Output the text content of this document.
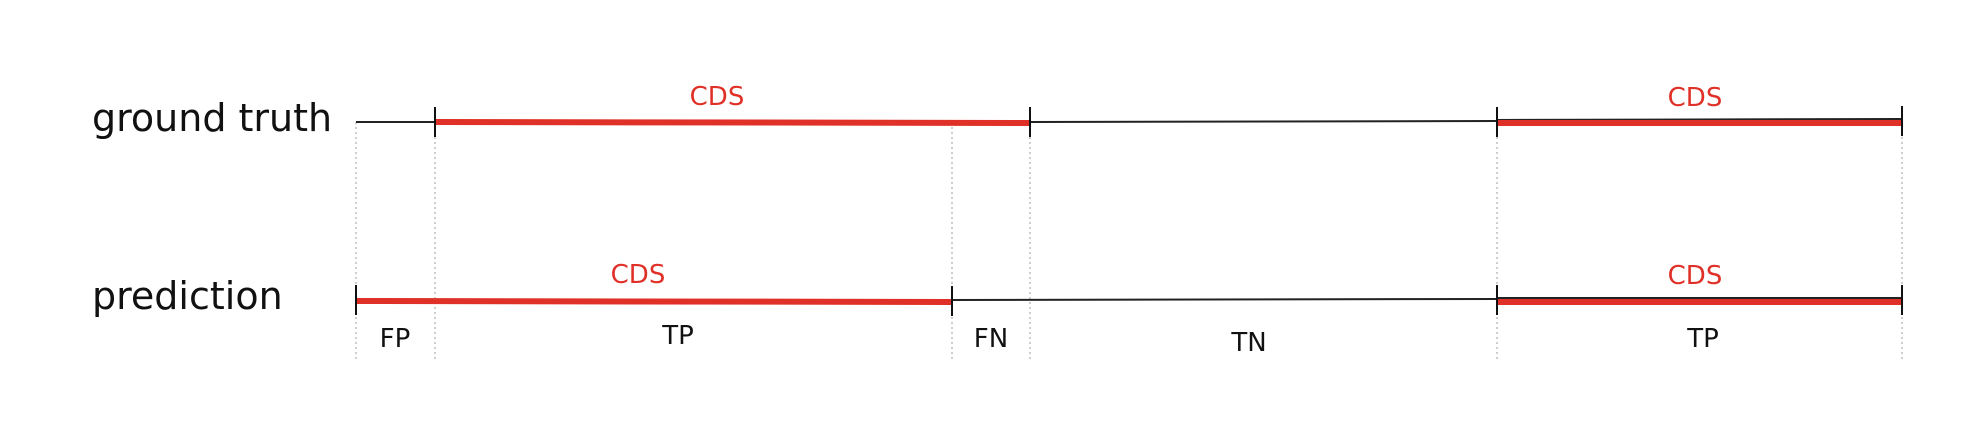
ground truth	CDS	CDS
prediction	CDS	CDS
FP	TP	FN	TN	TP
